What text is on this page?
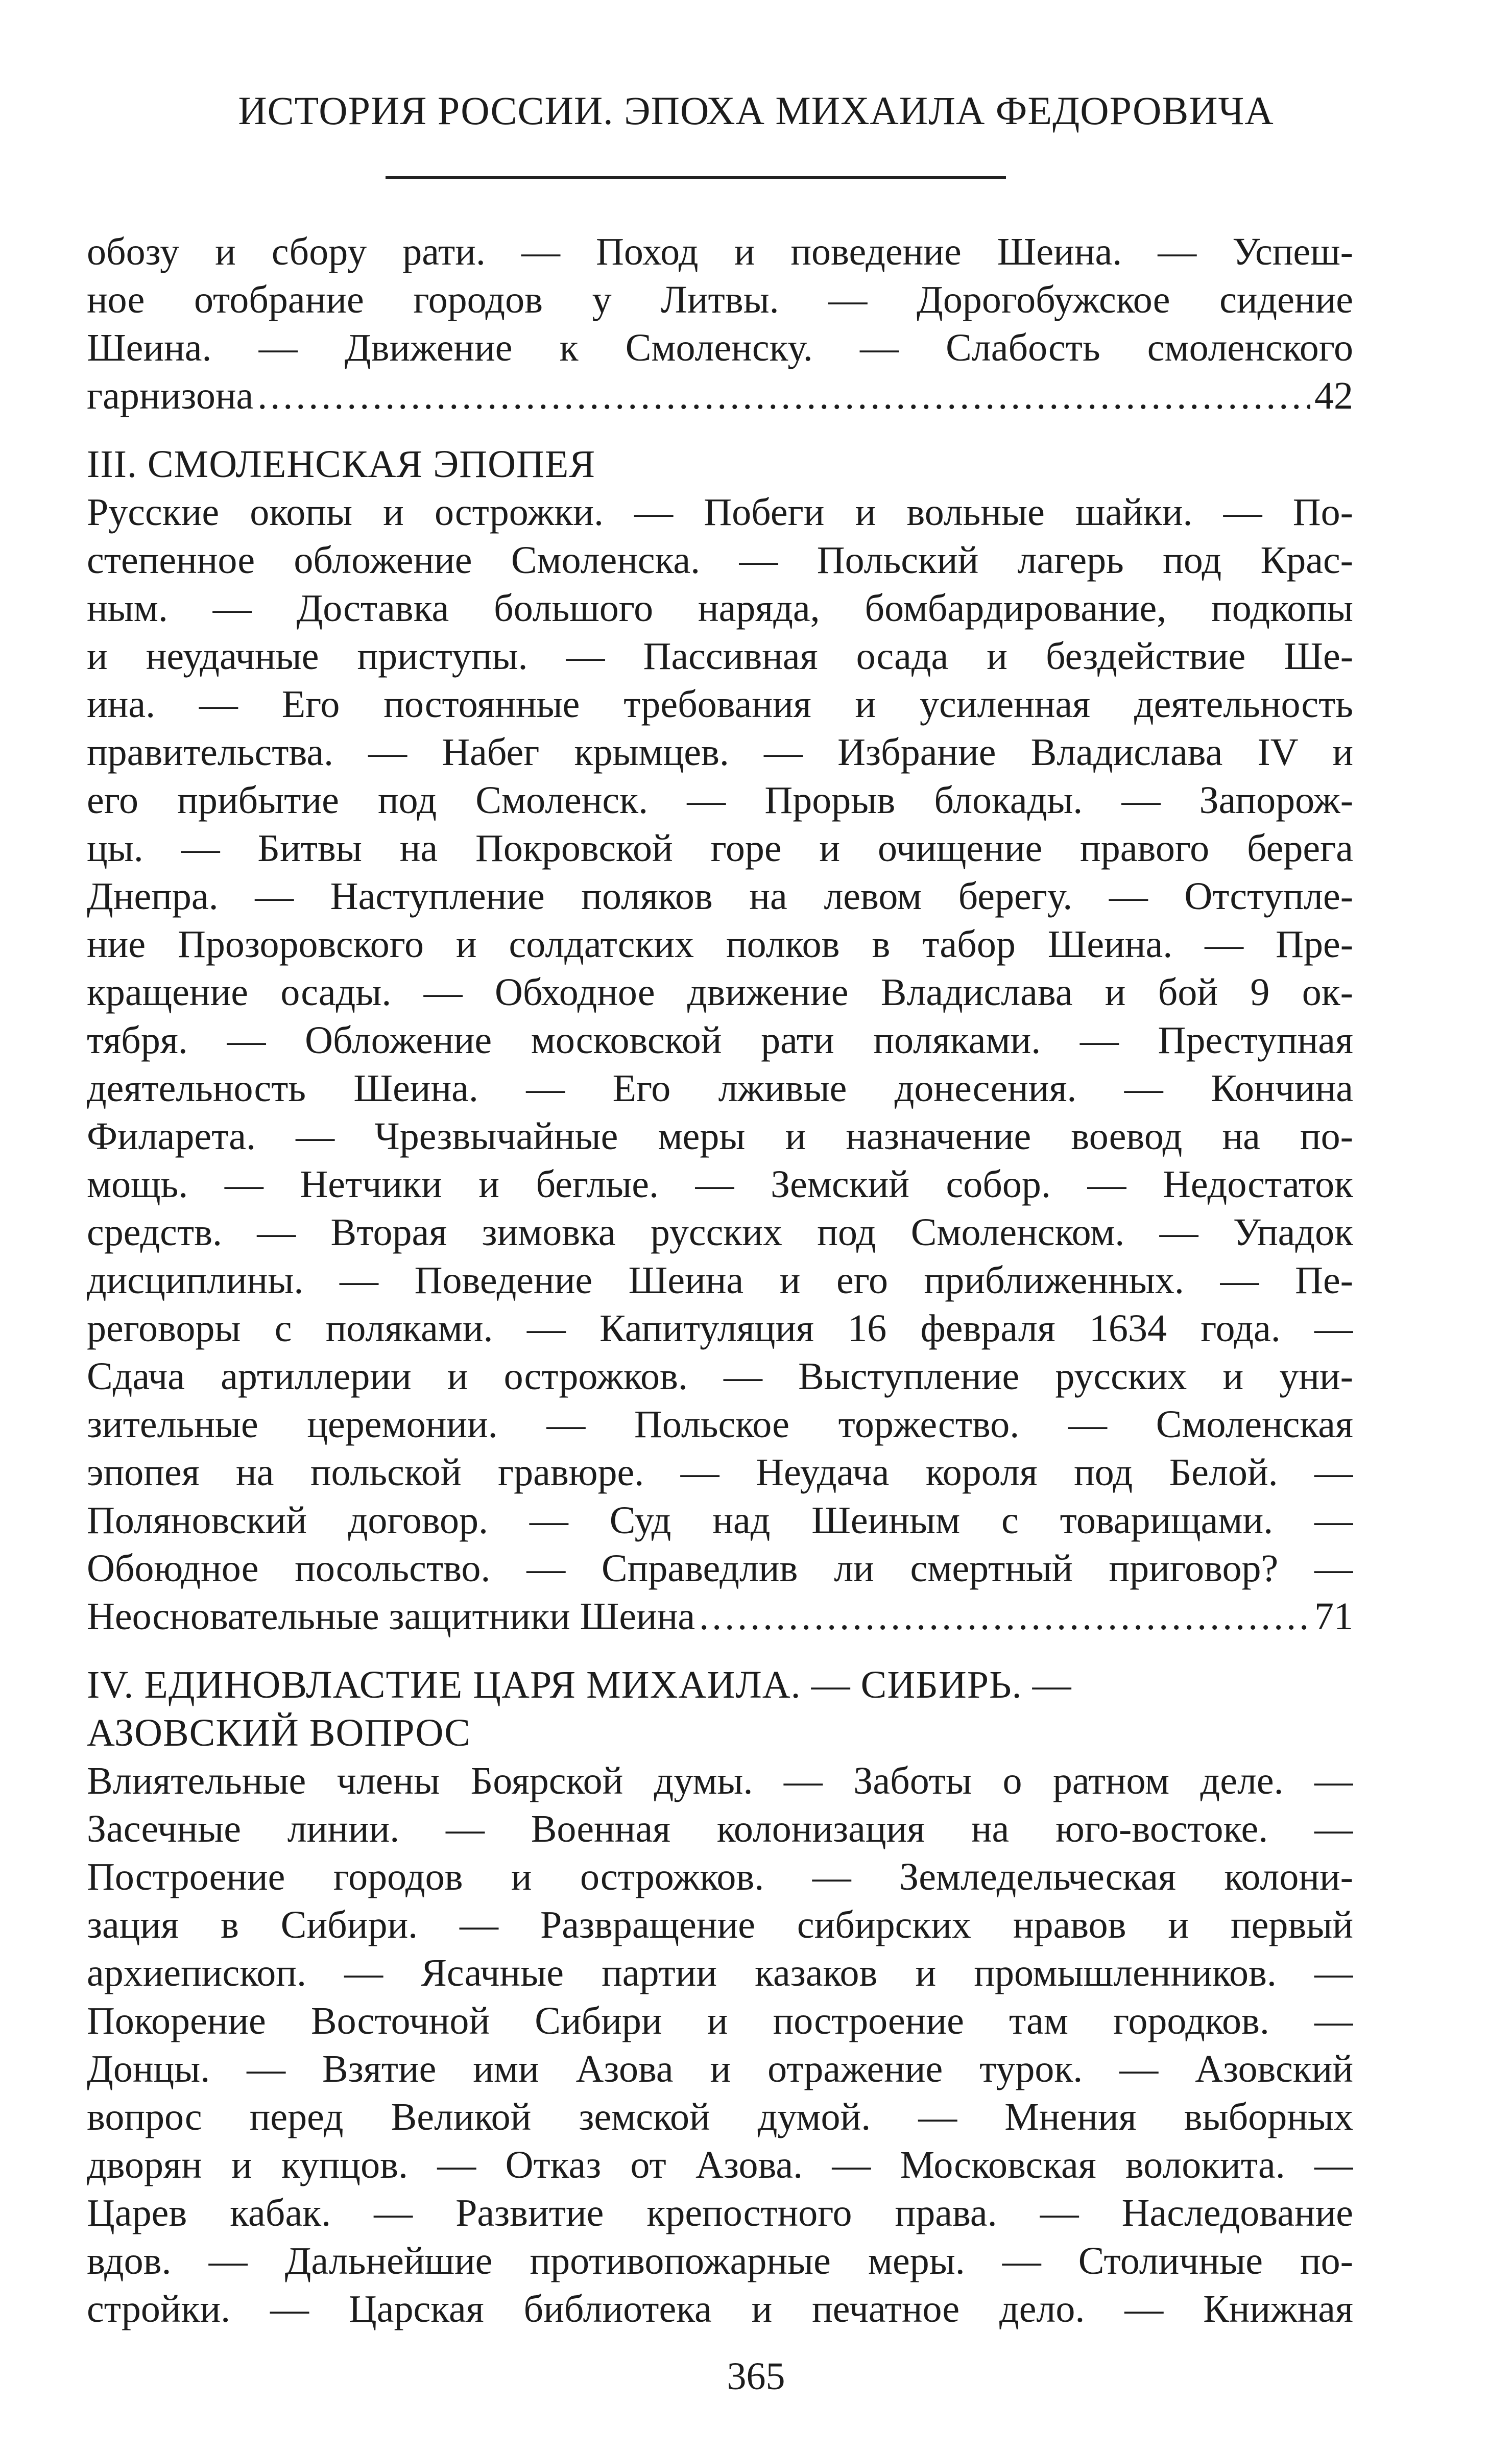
ИСТОРИЯ РОССИИ. ЭПОХА МИХАИЛА ФЕДОРОВИЧА
обозу и сбору рати. — Поход и поведение Шеина. — Успеш-
ное отобрание городов у Литвы. — Дорогобужское сидение
Шеина. — Движение к Смоленску. — Слабость смоленского
гарнизона .....	42
III. СМОЛЕНСКАЯ ЭПОПЕЯ
Русские окопы и острожки. — Побеги и вольные шайки. — По-
степенное обложение Смоленска. — Польский лагерь под Крас-
ным. — Доставка большого наряда, бомбардирование, подкопы
и неудачные приступы. — Пассивная осада и бездействие Ше-
ина. — Его постоянные требования и усиленная деятельность
правительства. — Набег крымцев. — Избрание Владислава IV и
его прибытие под Смоленск. — Прорыв блокады. — Запорож-
цы. — Битвы на Покровской горе и очищение правого берега
Днепра. — Наступление поляков на левом берегу. — Отступле-
ние Прозоровского и солдатских полков в табор Шеина. — Пре-
кращение осады. — Обходное движение Владислава и бой 9 ок-
тября. — Обложение московской рати поляками. — Преступная
деятельность Шеина. — Его лживые донесения. — Кончина
Филарета. — Чрезвычайные меры и назначение воевод на по-
мощь. — Нетчики и беглые. — Земский собор. — Недостаток
средств. — Вторая зимовка русских под Смоленском. — Упадок
дисциплины. — Поведение Шеина и его приближенных. — Пе-
реговоры с поляками. — Капитуляция 16 февраля 1634 года. —
Сдача артиллерии и острожков. — Выступление русских и уни-
зительные церемонии. — Польское торжество. — Смоленская
эпопея на польской гравюре. — Неудача короля под Белой. —
Поляновский договор. — Суд над Шеиным с товарищами. —
Обоюдное посольство. — Справедлив ли смертный приговор? —
Неосновательные защитники Шеина .....	71
IV. ЕДИНОВЛАСТИЕ ЦАРЯ МИХАИЛА. — СИБИРЬ. —
АЗОВСКИЙ ВОПРОС
Влиятельные члены Боярской думы. — Заботы о ратном деле. —
Засечные линии. — Военная колонизация на юго-востоке. —
Построение городов и острожков. — Земледельческая колони-
зация в Сибири. — Развращение сибирских нравов и первый
архиепископ. — Ясачные партии казаков и промышленников. —
Покорение Восточной Сибири и построение там городков. —
Донцы. — Взятие ими Азова и отражение турок. — Азовский
вопрос перед Великой земской думой. — Мнения выборных
дворян и купцов. — Отказ от Азова. — Московская волокита. —
Царев кабак. — Развитие крепостного права. — Наследование
вдов. — Дальнейшие противопожарные меры. — Столичные по-
стройки. — Царская библиотека и печатное дело. — Книжная
365
